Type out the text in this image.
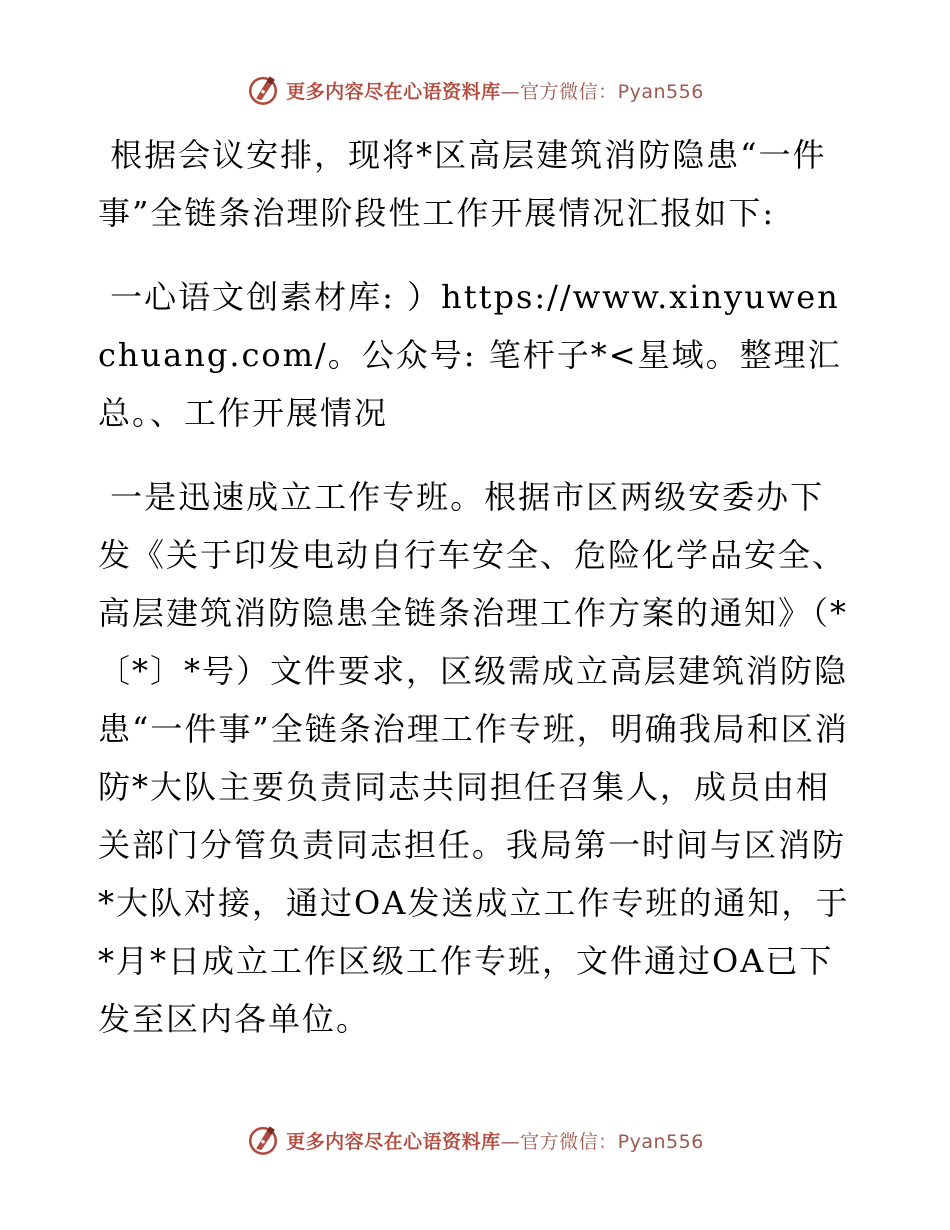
更多内容尽在心语资料库—官方微信：Pyan556

根据会议安排，现将*区高层建筑消防隐患“一件事”全链条治理阶段性工作开展情况汇报如下:

一心语文创素材库: ）https://www.xinyuwenchuang.com/。公众号: 笔杆子*<星域。整理汇总。、工作开展情况

一是迅速成立工作专班。根据市区两级安委办下发《关于印发电动自行车安全、危险化学品安全、高层建筑消防隐患全链条治理工作方案的通知》（*〔*〕*号）文件要求，区级需成立高层建筑消防隐患“一件事”全链条治理工作专班，明确我局和区消防*大队主要负责同志共同担任召集人，成员由相关部门分管负责同志担任。我局第一时间与区消防*大队对接，通过OA发送成立工作专班的通知，于*月*日成立工作区级工作专班，文件通过OA已下发至区内各单位。

更多内容尽在心语资料库—官方微信：Pyan556
